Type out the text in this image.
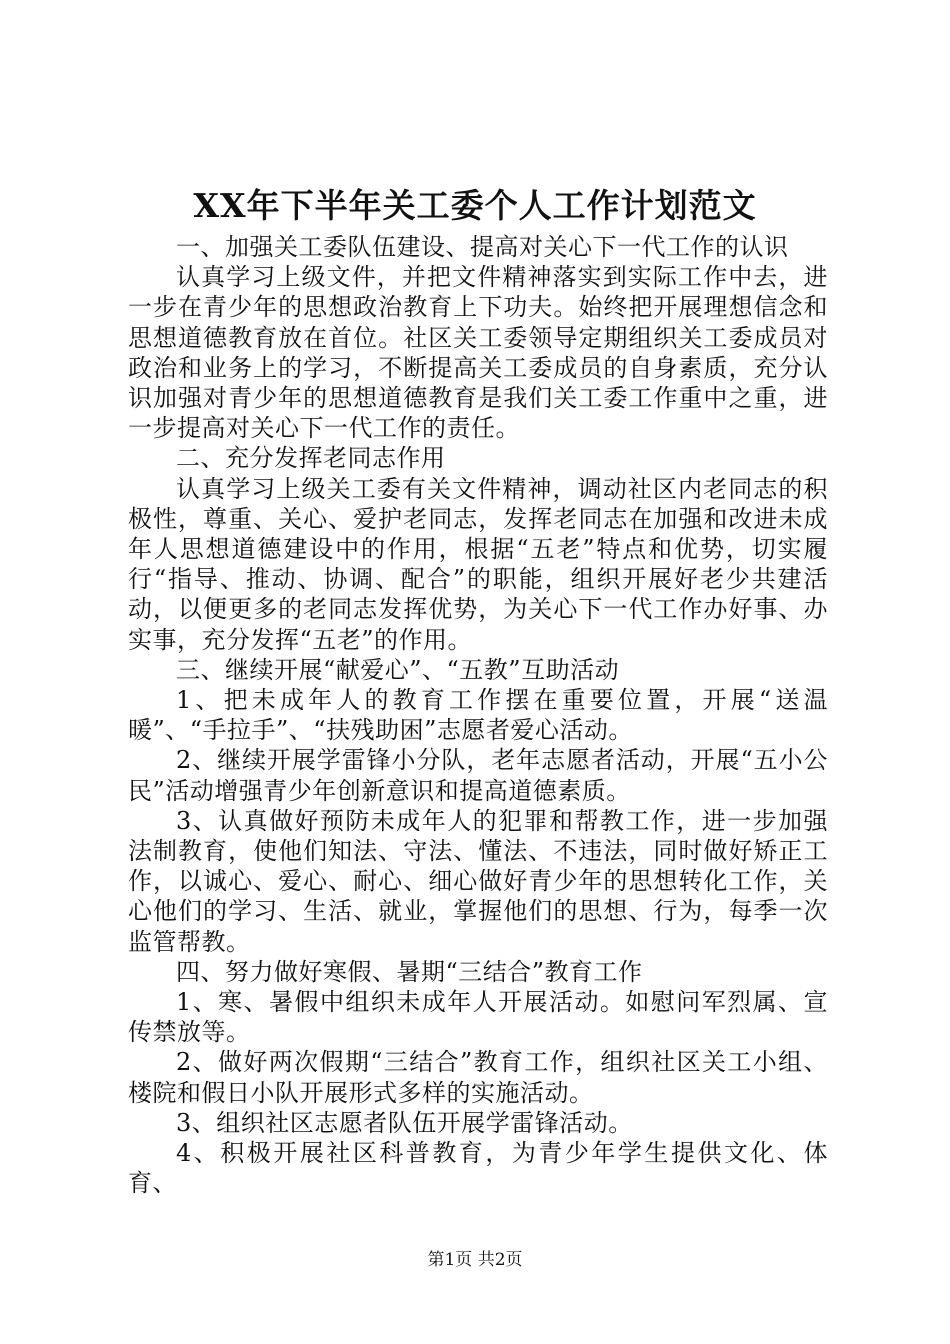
XX年下半年关工委个人工作计划范文

一、加强关工委队伍建设、提高对关心下一代工作的认识

认真学习上级文件，并把文件精神落实到实际工作中去，进一步在青少年的思想政治教育上下功夫。始终把开展理想信念和思想道德教育放在首位。社区关工委领导定期组织关工委成员对政治和业务上的学习，不断提高关工委成员的自身素质，充分认识加强对青少年的思想道德教育是我们关工委工作重中之重，进一步提高对关心下一代工作的责任。

二、充分发挥老同志作用

认真学习上级关工委有关文件精神，调动社区内老同志的积极性，尊重、关心、爱护老同志，发挥老同志在加强和改进未成年人思想道德建设中的作用，根据“五老”特点和优势，切实履行“指导、推动、协调、配合”的职能，组织开展好老少共建活动，以便更多的老同志发挥优势，为关心下一代工作办好事、办实事，充分发挥“五老”的作用。

三、继续开展“献爱心”、“五教”互助活动

1、把未成年人的教育工作摆在重要位置，开展“送温暖”、“手拉手”、“扶残助困”志愿者爱心活动。

2、继续开展学雷锋小分队，老年志愿者活动，开展“五小公民”活动增强青少年创新意识和提高道德素质。

3、认真做好预防未成年人的犯罪和帮教工作，进一步加强法制教育，使他们知法、守法、懂法、不违法，同时做好矫正工作，以诚心、爱心、耐心、细心做好青少年的思想转化工作，关心他们的学习、生活、就业，掌握他们的思想、行为，每季一次监管帮教。

四、努力做好寒假、暑期“三结合”教育工作

1、寒、暑假中组织未成年人开展活动。如慰问军烈属、宣传禁放等。

2、做好两次假期“三结合”教育工作，组织社区关工小组、楼院和假日小队开展形式多样的实施活动。

3、组织社区志愿者队伍开展学雷锋活动。

4、积极开展社区科普教育，为青少年学生提供文化、体育、

第1页 共2页
